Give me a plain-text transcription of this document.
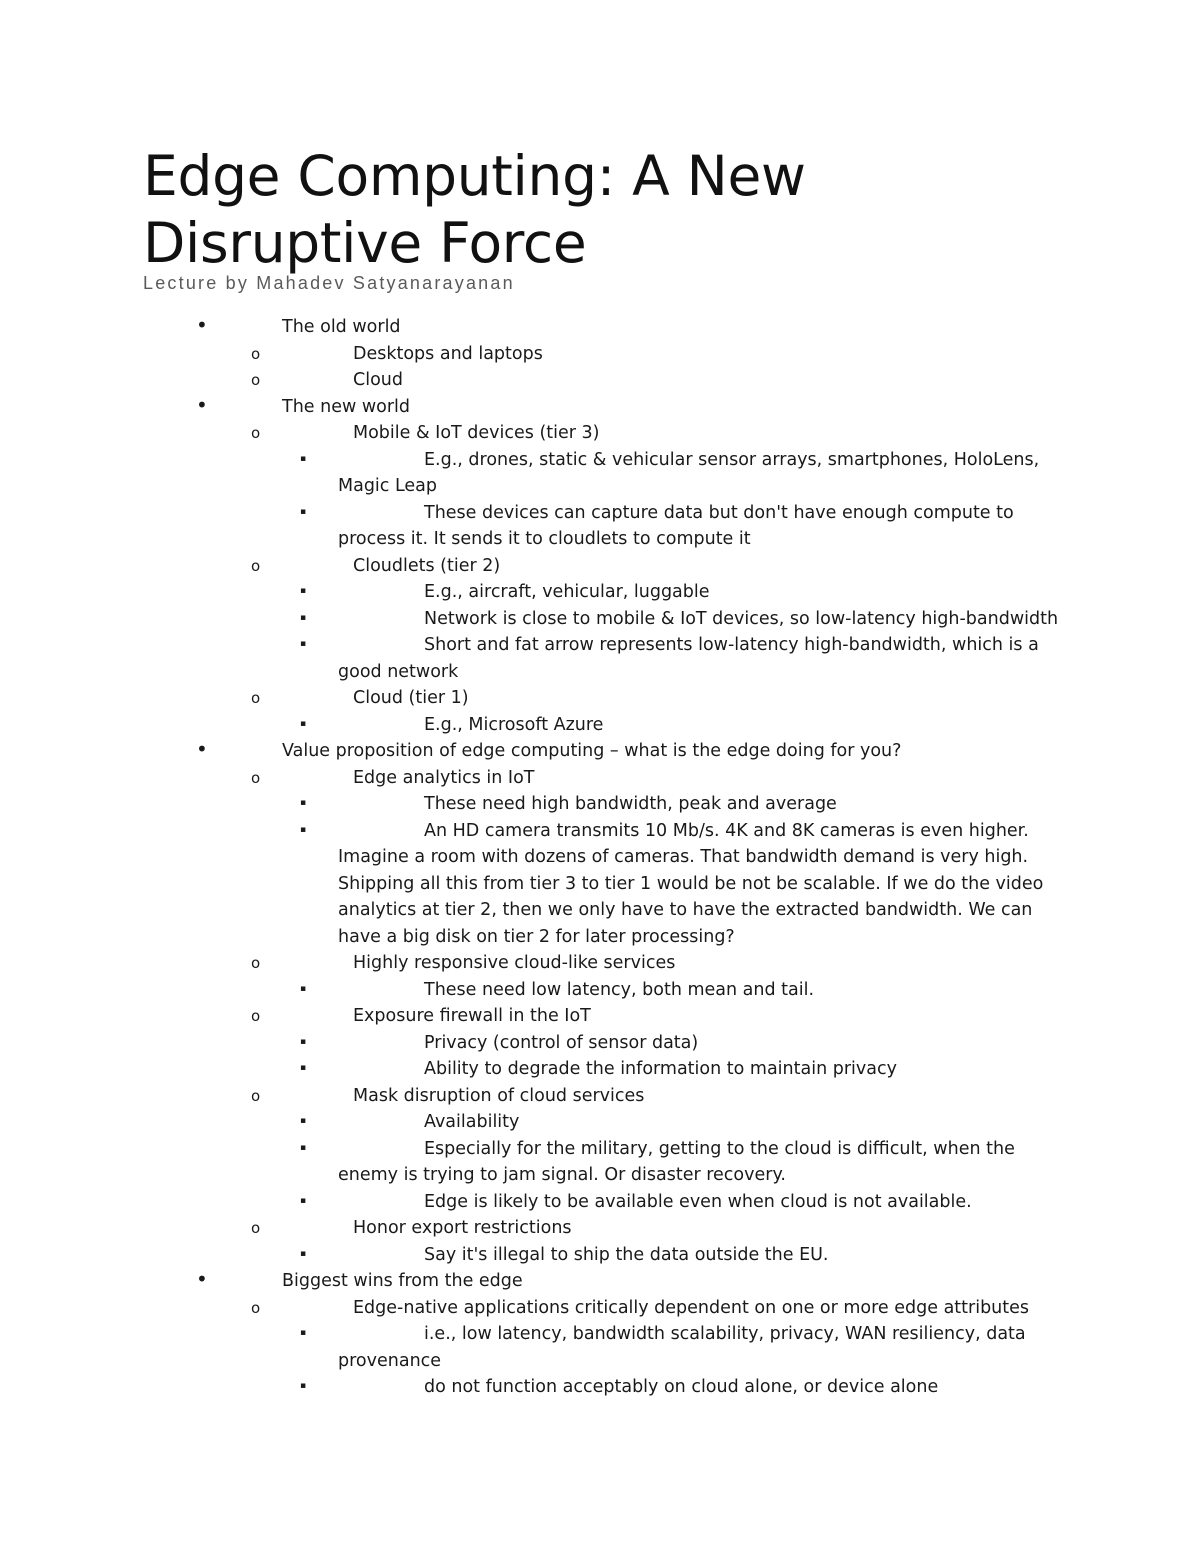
Edge Computing: A New Disruptive Force

Lecture by Mahadev Satyanarayanan

•	The old world
o	Desktops and laptops
o	Cloud
•	The new world
o	Mobile & IoT devices (tier 3)
▪	E.g., drones, static & vehicular sensor arrays, smartphones, HoloLens, Magic Leap
▪	These devices can capture data but don't have enough compute to process it. It sends it to cloudlets to compute it
o	Cloudlets (tier 2)
▪	E.g., aircraft, vehicular, luggable
▪	Network is close to mobile & IoT devices, so low-latency high-bandwidth
▪	Short and fat arrow represents low-latency high-bandwidth, which is a good network
o	Cloud (tier 1)
▪	E.g., Microsoft Azure
•	Value proposition of edge computing – what is the edge doing for you?
o	Edge analytics in IoT
▪	These need high bandwidth, peak and average
▪	An HD camera transmits 10 Mb/s. 4K and 8K cameras is even higher. Imagine a room with dozens of cameras. That bandwidth demand is very high. Shipping all this from tier 3 to tier 1 would be not be scalable. If we do the video analytics at tier 2, then we only have to have the extracted bandwidth. We can have a big disk on tier 2 for later processing?
o	Highly responsive cloud-like services
▪	These need low latency, both mean and tail.
o	Exposure firewall in the IoT
▪	Privacy (control of sensor data)
▪	Ability to degrade the information to maintain privacy
o	Mask disruption of cloud services
▪	Availability
▪	Especially for the military, getting to the cloud is difficult, when the enemy is trying to jam signal. Or disaster recovery.
▪	Edge is likely to be available even when cloud is not available.
o	Honor export restrictions
▪	Say it's illegal to ship the data outside the EU.
•	Biggest wins from the edge
o	Edge-native applications critically dependent on one or more edge attributes
▪	i.e., low latency, bandwidth scalability, privacy, WAN resiliency, data provenance
▪	do not function acceptably on cloud alone, or device alone
